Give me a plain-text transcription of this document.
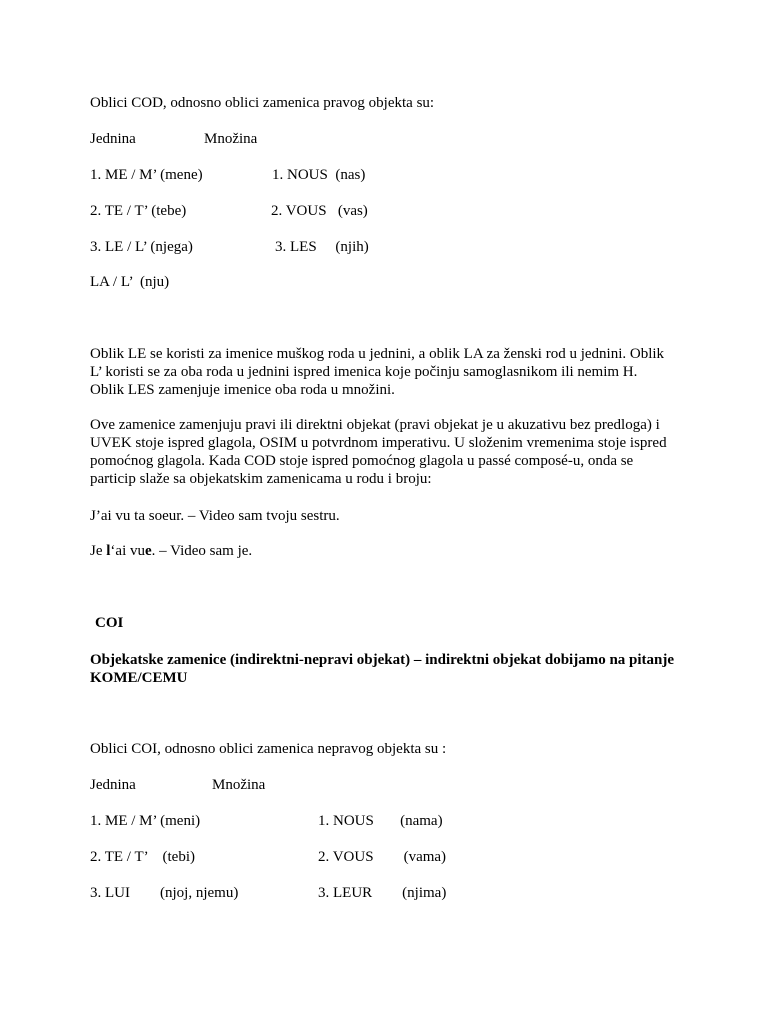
Oblici COD, odnosno oblici zamenica pravog objekta su:
Jednina	Množina
1. ME / M’ (mene)	1. NOUS  (nas)
2. TE / T’ (tebe)	2. VOUS   (vas)
3. LE / L’ (njega)	3. LES     (njih)
LA / L’  (nju)

Oblik LE se koristi za imenice muškog roda u jednini, a oblik LA za ženski rod u jednini. Oblik

L’ koristi se za oba roda u jednini ispred imenica koje počinju samoglasnikom ili nemim H.

Oblik LES zamenjuje imenice oba roda u množini.

Ove zamenice zamenjuju pravi ili direktni objekat (pravi objekat je u akuzativu bez predloga) i

UVEK stoje ispred glagola, OSIM u potvrdnom imperativu. U složenim vremenima stoje ispred

pomoćnog glagola. Kada COD stoje ispred pomoćnog glagola u passé composé-u, onda se

particip slaže sa objekatskim zamenicama u rodu i broju:

J’ai vu ta soeur. – Video sam tvoju sestru.
Je l‘ai vue. – Video sam je.
COI

Objekatske zamenice (indirektni-nepravi objekat) – indirektni objekat dobijamo na pitanje

KOME/CEMU

Oblici COI, odnosno oblici zamenica nepravog objekta su :
Jednina	Množina
1. ME / M’ (meni)	1. NOUS       (nama)
2. TE / T’    (tebi)	2. VOUS        (vama)
3. LUI        (njoj, njemu)	3. LEUR        (njima)
